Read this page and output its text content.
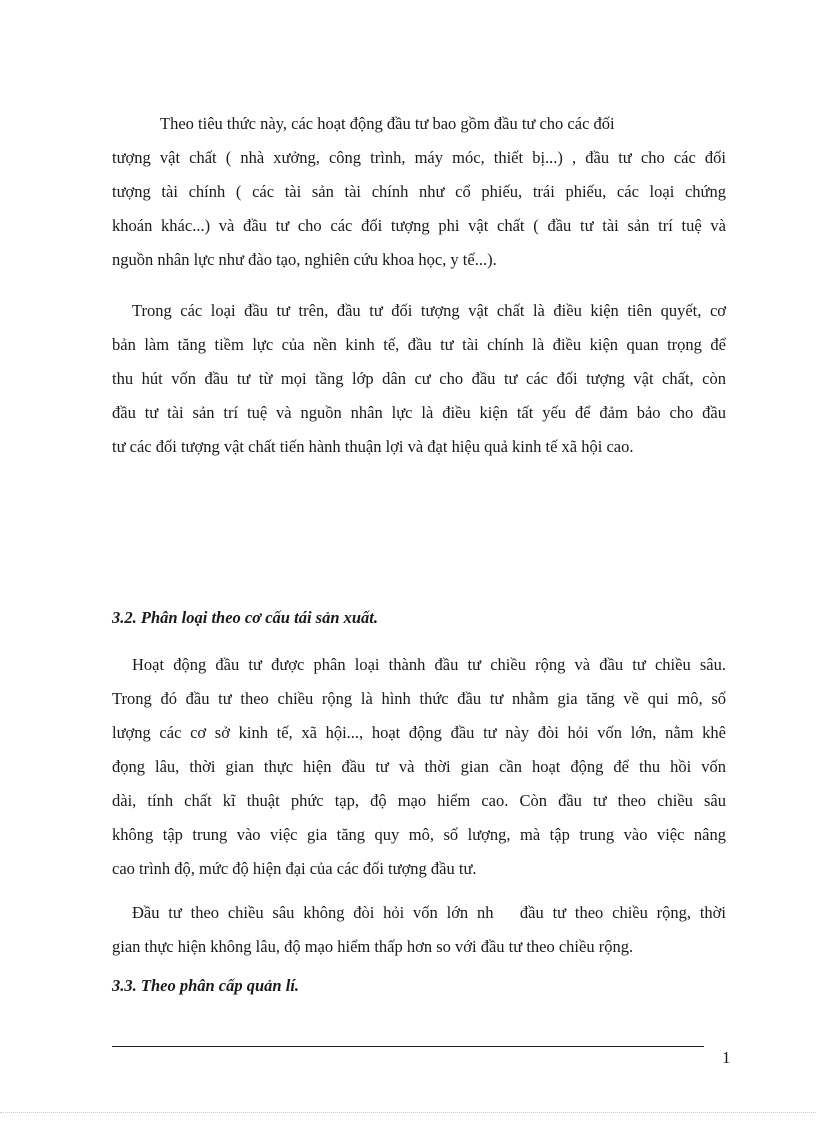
Theo tiêu thức này, các hoạt động đầu tư bao gồm đầu tư cho các đối
tượng vật chất ( nhà xưởng, công trình, máy móc, thiết bị...) , đầu tư cho các đối
tượng tài chính ( các tài sản tài chính như cổ phiếu, trái phiếu, các loại chứng
khoán khác...) và đầu tư cho các đối tượng phi vật chất ( đầu tư tài sản trí tuệ và
nguồn nhân lực như đào tạo, nghiên cứu khoa học, y tế...).
Trong các loại đầu tư trên, đầu tư đối tượng vật chất là điều kiện tiên quyết, cơ
bản làm tăng tiềm lực của nền kinh tế, đầu tư tài chính là điều kiện quan trọng để
thu hút vốn đầu tư từ mọi tầng lớp dân cư cho đầu tư các đối tượng vật chất, còn
đầu tư tài sản trí tuệ và nguồn nhân lực là điều kiện tất yếu để đảm bảo cho đầu
tư các đối tượng vật chất tiến hành thuận lợi và đạt hiệu quả kinh tế xã hội cao.
3.2. Phân loại theo cơ cấu tái sản xuất.
Hoạt động đầu tư được phân loại thành đầu tư chiều rộng và đầu tư chiều sâu.
Trong đó đầu tư theo chiều rộng là hình thức đầu tư nhằm gia tăng về qui mô, số
lượng các cơ sở kinh tế, xã hội..., hoạt động đầu tư này đòi hỏi vốn lớn, nằm khê
đọng lâu, thời gian thực hiện đầu tư và thời gian cần hoạt động để thu hồi vốn
dài, tính chất kĩ thuật phức tạp, độ mạo hiểm cao. Còn đầu tư theo chiều sâu
không tập trung vào việc gia tăng quy mô, số lượng, mà tập trung vào việc nâng
cao trình độ, mức độ hiện đại của các đối tượng đầu tư.
Đầu tư theo chiều sâu không đòi hỏi vốn lớn nh   đầu tư theo chiều rộng, thời
gian thực hiện không lâu, độ mạo hiểm thấp hơn so với đầu tư theo chiều rộng.
3.3. Theo phân cấp quản lí.
1
